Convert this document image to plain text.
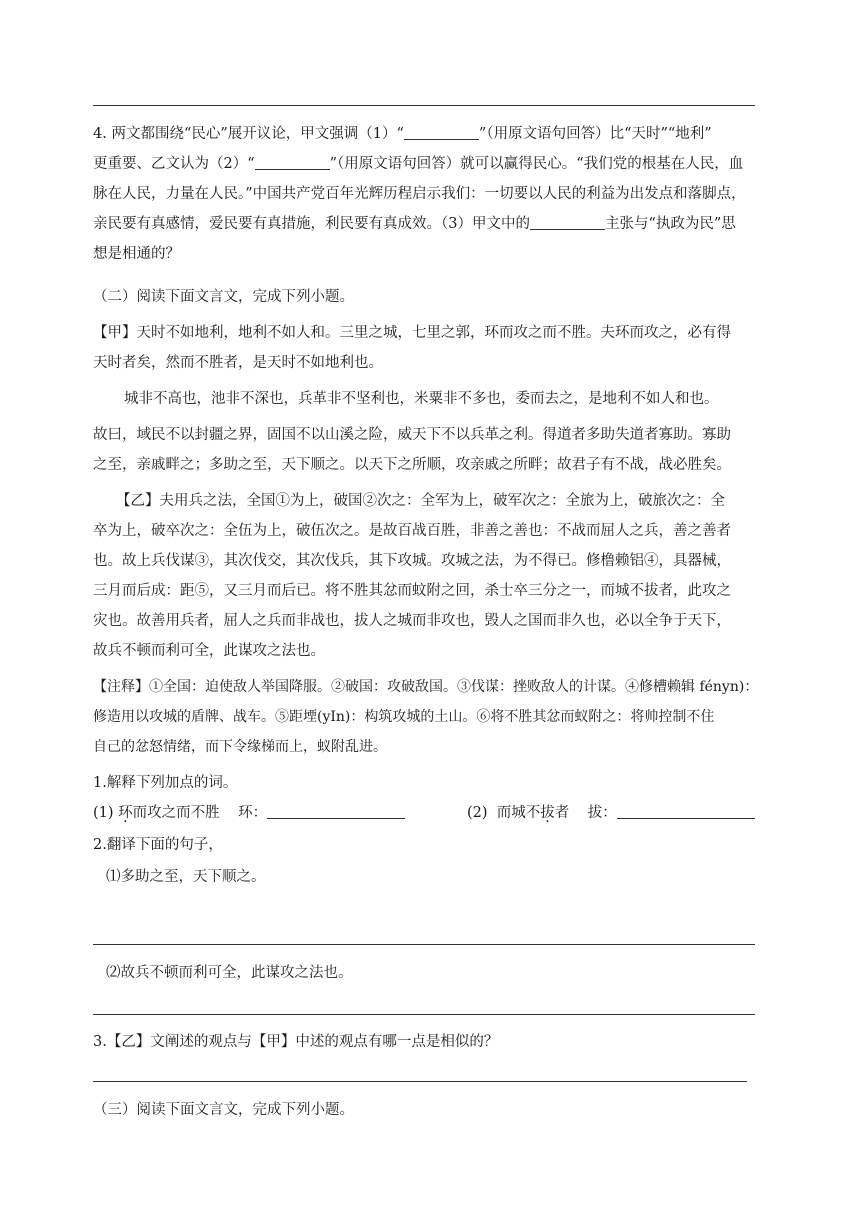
4. 两文都围绕“民心”展开议论，甲文强调（1）“	”（用原文语句回答）比“天时”“地利”
更重要、乙文认为（2）“	”（用原文语句回答）就可以赢得民心。“我们党的根基在人民，血
脉在人民，力量在人民。”中国共产党百年光辉历程启示我们：一切要以人民的利益为出发点和落脚点，
亲民要有真感情，爱民要有真措施，利民要有真成效。（3）甲文中的	主张与“执政为民”思
想是相通的？
（二）阅读下面文言文，完成下列小题。
【甲】天时不如地利，地利不如人和。三里之城，七里之郭，环而攻之而不胜。夫环而攻之，必有得
天时者矣，然而不胜者，是天时不如地利也。
城非不高也，池非不深也，兵革非不坚利也，米粟非不多也，委而去之，是地利不如人和也。
故曰，域民不以封疆之界，固国不以山溪之险，威天下不以兵革之利。得道者多助失道者寡助。寡助
之至，亲戚畔之；多助之至，天下顺之。以天下之所顺，攻亲戚之所畔；故君子有不战，战必胜矣。
【乙】夫用兵之法，全国①为上，破国②次之：全军为上，破军次之：全旅为上，破旅次之：全
卒为上，破卒次之：全伍为上，破伍次之。是故百战百胜，非善之善也：不战而屈人之兵，善之善者
也。故上兵伐谋③，其次伐交，其次伐兵，其下攻城。攻城之法，为不得已。修橹赖铝④，具器械，
三月而后成：距⑤，又三月而后已。将不胜其忿而蚊附之回，杀士卒三分之一，而城不拔者，此攻之
灾也。故善用兵者，屈人之兵而非战也，拔人之城而非攻也，毁人之国而非久也，必以全争于天下，
故兵不顿而利可全，此谋攻之法也。
【注释】①全国：迫使敌人举国降服。②破国：攻破敌国。③伐谋：挫败敌人的计谋。④修槽赖辑 fényn)：
修造用以攻城的盾牌、战车。⑤距堙(yIn)：构筑攻城的土山。⑥将不胜其忿而蚁附之：将帅控制不住
自己的忿怒情绪，而下令缘梯而上，蚁附乱进。
1.解释下列加点的词。
(1) 环而攻之而不胜 环：	(2) 而城不拔者 拔：
2.翻译下面的句子，
⑴多助之至，天下顺之。
⑵故兵不顿而利可全，此谋攻之法也。
3.【乙】文阐述的观点与【甲】中述的观点有哪一点是相似的？
（三）阅读下面文言文，完成下列小题。
